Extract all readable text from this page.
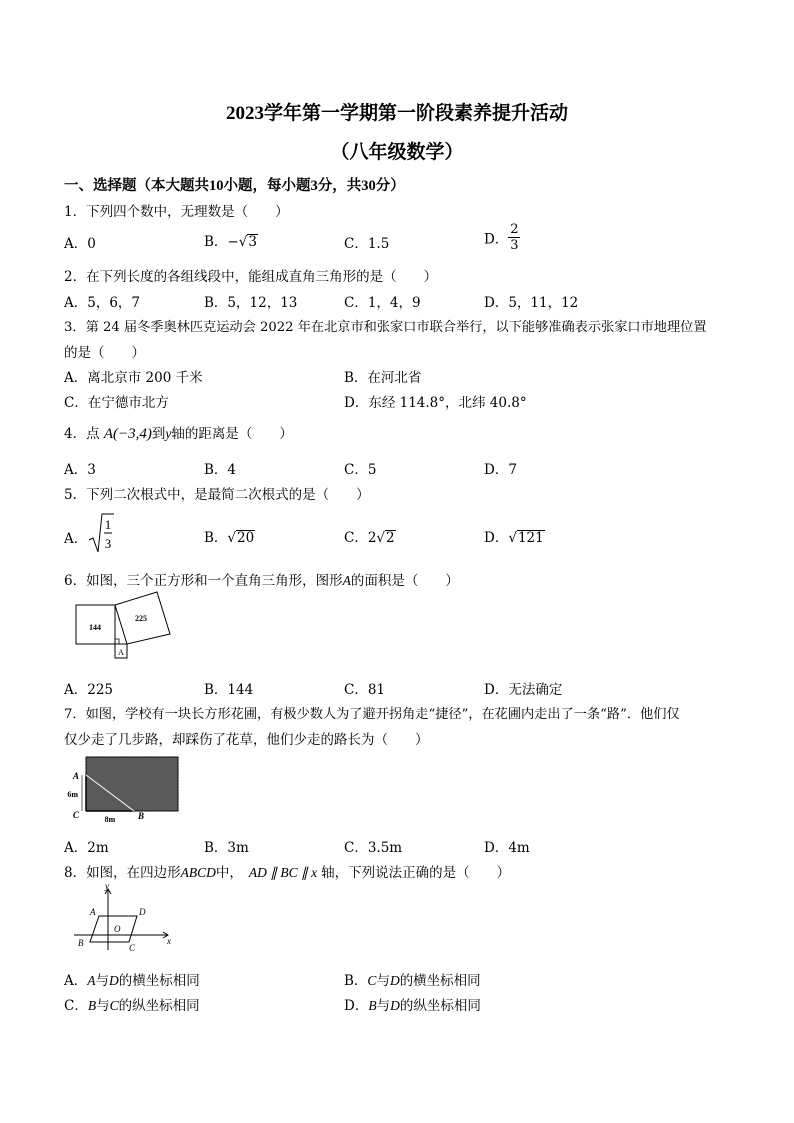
2023学年第一学期第一阶段素养提升活动
（八年级数学）
一、选择题（本大题共10小题，每小题3分，共30分）
1．下列四个数中，无理数是（　　）
A．0	B．−√3	C．1.5	D． $\frac{2}{3}$
2．在下列长度的各组线段中，能组成直角三角形的是（　　）
A．5，6，7	B．5，12，13	C．1，4，9	D．5，11，12
3．第 24 届冬季奥林匹克运动会 2022 年在北京市和张家口市联合举行，以下能够准确表示张家口市地理位置
的是（　　）
A．离北京市 200 千米	B．在河北省
C．在宁德市北方	D．东经 114.8°，北纬 40.8°
4．点 A(−3,4)到y轴的距离是（　　）
A．3	B．4	C．5	D．7
5．下列二次根式中，是最简二次根式的是（　　）
A．
1
3	B．√20	C．2√2	D．√121
6．如图，三个正方形和一个直角三角形，图形A的面积是（　　）
144
225
A
A．225	B．144	C．81	D．无法确定
7．如图，学校有一块长方形花圃，有极少数人为了避开拐角走“捷径”，在花圃内走出了一条“路”．他们仅
仅少走了几步路，却踩伤了花草，他们少走的路长为（　　）
A
C	B
6m
8m
A．2m	B．3m	C．3.5m	D．4m
8．如图，在四边形ABCD中， AD ∥ BC ∥ x 轴，下列说法正确的是（　　）
y
x
A	D
B	C
O
A．A与D的横坐标相同	B．C与D的横坐标相同
C．B与C的纵坐标相同	D．B与D的纵坐标相同
